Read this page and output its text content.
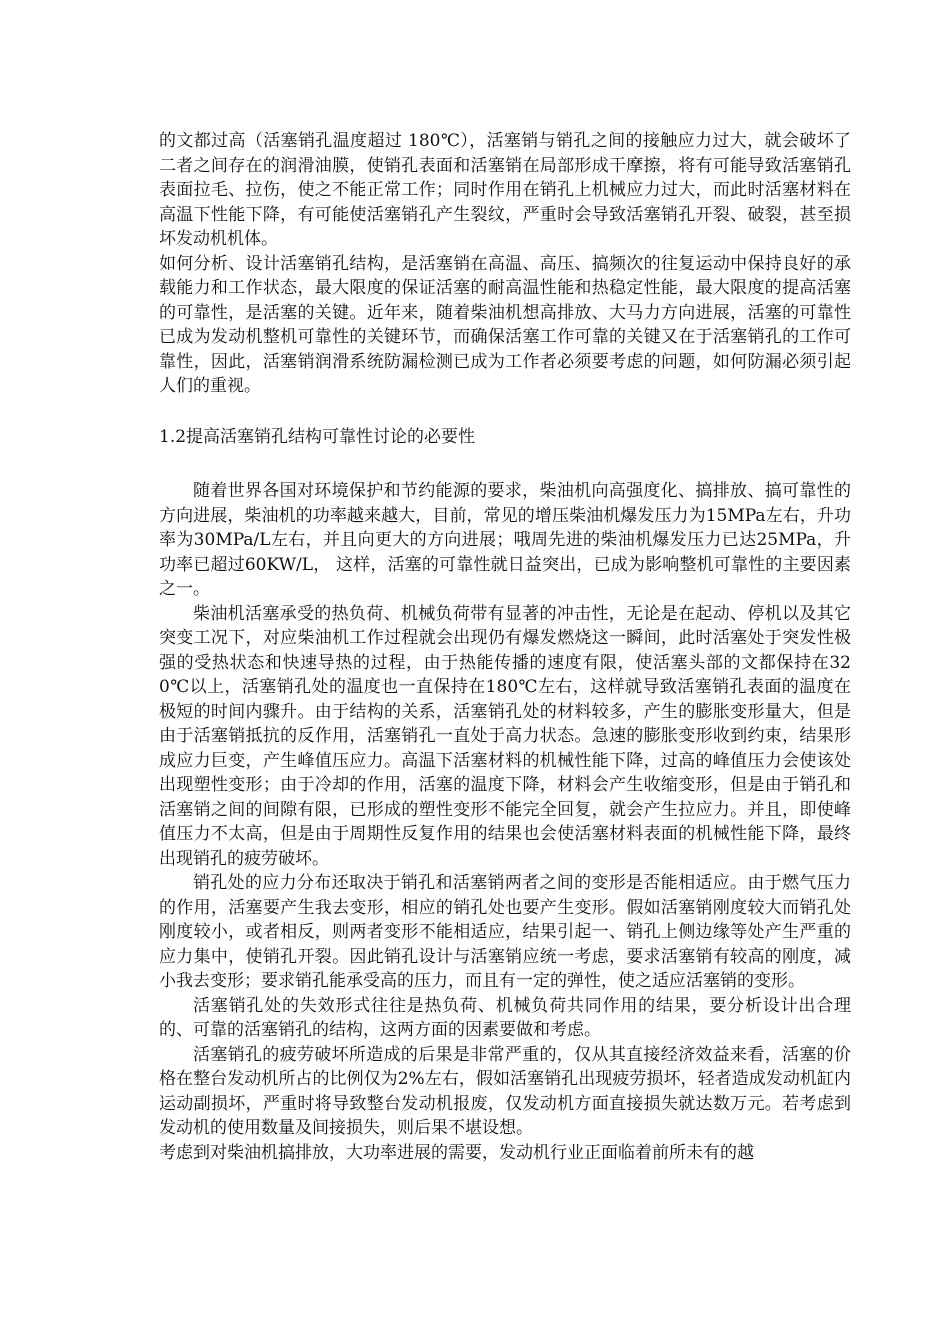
的文都过高（活塞销孔温度超过 180℃），活塞销与销孔之间的接触应力过大，就会破坏了二者之间存在的润滑油膜，使销孔表面和活塞销在局部形成干摩擦，将有可能导致活塞销孔表面拉毛、拉伤，使之不能正常工作；同时作用在销孔上机械应力过大，而此时活塞材料在高温下性能下降，有可能使活塞销孔产生裂纹，严重时会导致活塞销孔开裂、破裂，甚至损坏发动机机体。

如何分析、设计活塞销孔结构，是活塞销在高温、高压、搞频次的往复运动中保持良好的承载能力和工作状态，最大限度的保证活塞的耐高温性能和热稳定性能，最大限度的提高活塞的可靠性，是活塞的关键。近年来，随着柴油机想高排放、大马力方向进展，活塞的可靠性已成为发动机整机可靠性的关键环节，而确保活塞工作可靠的关键又在于活塞销孔的工作可靠性，因此，活塞销润滑系统防漏检测已成为工作者必须要考虑的问题，如何防漏必须引起人们的重视。

1.2提高活塞销孔结构可靠性讨论的必要性

随着世界各国对环境保护和节约能源的要求，柴油机向高强度化、搞排放、搞可靠性的方向进展，柴油机的功率越来越大，目前，常见的增压柴油机爆发压力为15MPa左右，升功率为30MPa/L左右，并且向更大的方向进展；哦周先进的柴油机爆发压力已达25MPa，升功率已超过60KW/L， 这样，活塞的可靠性就日益突出，已成为影响整机可靠性的主要因素之一。

柴油机活塞承受的热负荷、机械负荷带有显著的冲击性，无论是在起动、停机以及其它突变工况下，对应柴油机工作过程就会出现仍有爆发燃烧这一瞬间，此时活塞处于突发性极强的受热状态和快速导热的过程，由于热能传播的速度有限，使活塞头部的文都保持在320℃以上，活塞销孔处的温度也一直保持在180℃左右，这样就导致活塞销孔表面的温度在极短的时间内骤升。由于结构的关系，活塞销孔处的材料较多，产生的膨胀变形量大，但是由于活塞销抵抗的反作用，活塞销孔一直处于高力状态。急速的膨胀变形收到约束，结果形成应力巨变，产生峰值压应力。高温下活塞材料的机械性能下降，过高的峰值压力会使该处出现塑性变形；由于冷却的作用，活塞的温度下降，材料会产生收缩变形，但是由于销孔和活塞销之间的间隙有限，已形成的塑性变形不能完全回复，就会产生拉应力。并且，即使峰值压力不太高，但是由于周期性反复作用的结果也会使活塞材料表面的机械性能下降，最终出现销孔的疲劳破坏。

销孔处的应力分布还取决于销孔和活塞销两者之间的变形是否能相适应。由于燃气压力的作用，活塞要产生我去变形，相应的销孔处也要产生变形。假如活塞销刚度较大而销孔处刚度较小，或者相反，则两者变形不能相适应，结果引起一、销孔上侧边缘等处产生严重的应力集中，使销孔开裂。因此销孔设计与活塞销应统一考虑，要求活塞销有较高的刚度，减小我去变形；要求销孔能承受高的压力，而且有一定的弹性，使之适应活塞销的变形。

活塞销孔处的失效形式往往是热负荷、机械负荷共同作用的结果，要分析设计出合理的、可靠的活塞销孔的结构，这两方面的因素要做和考虑。

活塞销孔的疲劳破坏所造成的后果是非常严重的，仅从其直接经济效益来看，活塞的价格在整台发动机所占的比例仅为2%左右，假如活塞销孔出现疲劳损坏，轻者造成发动机缸内运动副损坏，严重时将导致整台发动机报废，仅发动机方面直接损失就达数万元。若考虑到发动机的使用数量及间接损失，则后果不堪设想。

考虑到对柴油机搞排放，大功率进展的需要，发动机行业正面临着前所未有的越
